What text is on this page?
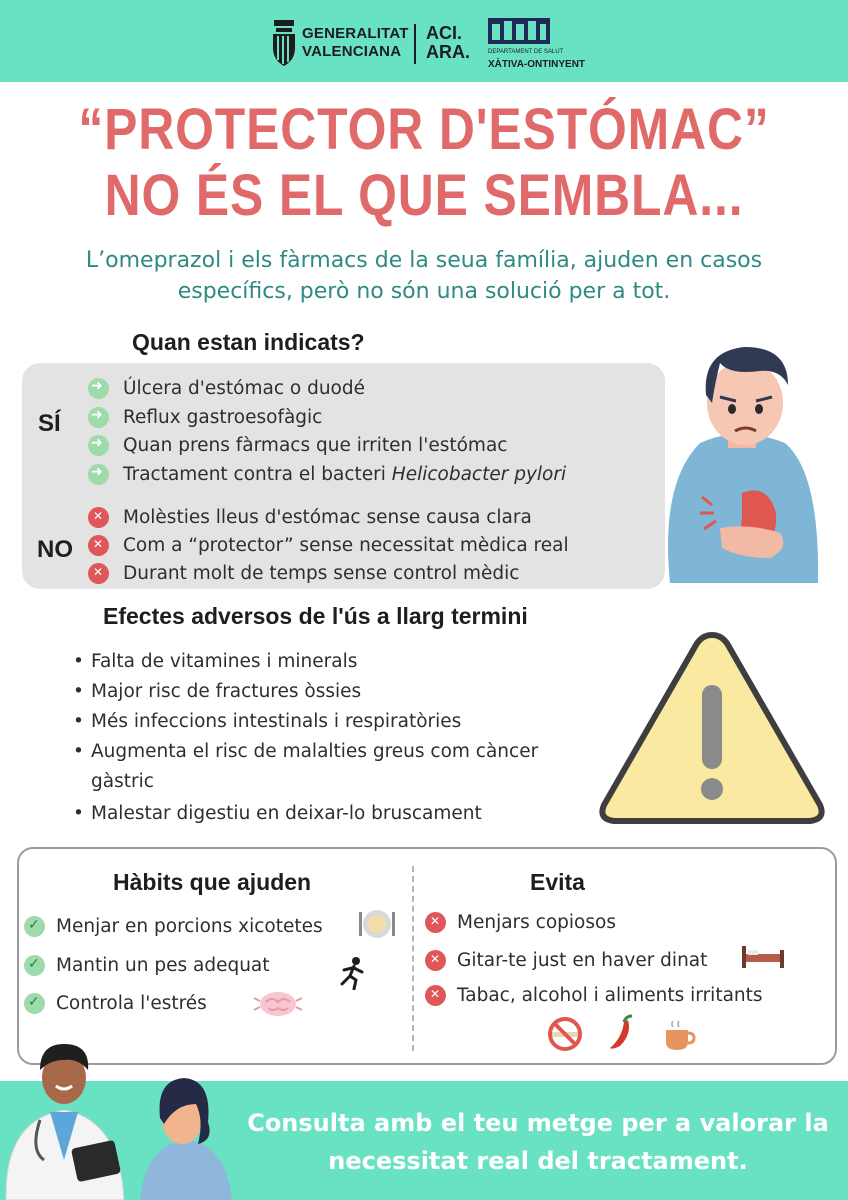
GENERALITAT
VALENCIANA
ACI.
ARA.	DEPARTAMENT DE SALUT
XÀTIVA-ONTINYENT
“PROTECTOR D'ESTÓMAC”
NO ÉS EL QUE SEMBLA...
L’omeprazol i els fàrmacs de la seua família, ajuden en casos específics, però no són una solució per a tot.
Quan estan indicats?
SÍ
NO
➜
Úlcera d'estómac o duodé
➜
Reflux gastroesofàgic
➜
Quan prens fàrmacs que irriten l'estómac
➜
Tractament contra el bacteri Helicobacter pylori
✕
Molèsties lleus d'estómac sense causa clara
✕
Com a “protector” sense necessitat mèdica real
✕
Durant molt de temps sense control mèdic
Efectes adversos de l'ús a llarg termini
• Falta de vitamines i minerals
• Major risc de fractures òssies
• Més infeccions intestinals i respiratòries
• Augmenta el risc de malalties greus com càncer gàstric
• Malestar digestiu en deixar-lo bruscament
Hàbits que ajuden
✓
Menjar en porcions xicotetes
✓
Mantin un pes adequat
✓
Controla l'estrés
Evita
✕
Menjars copiosos
✕
Gitar-te just en haver dinat
✕
Tabac, alcohol i aliments irritants
Consulta amb el teu metge per a valorar la necessitat real del tractament.
